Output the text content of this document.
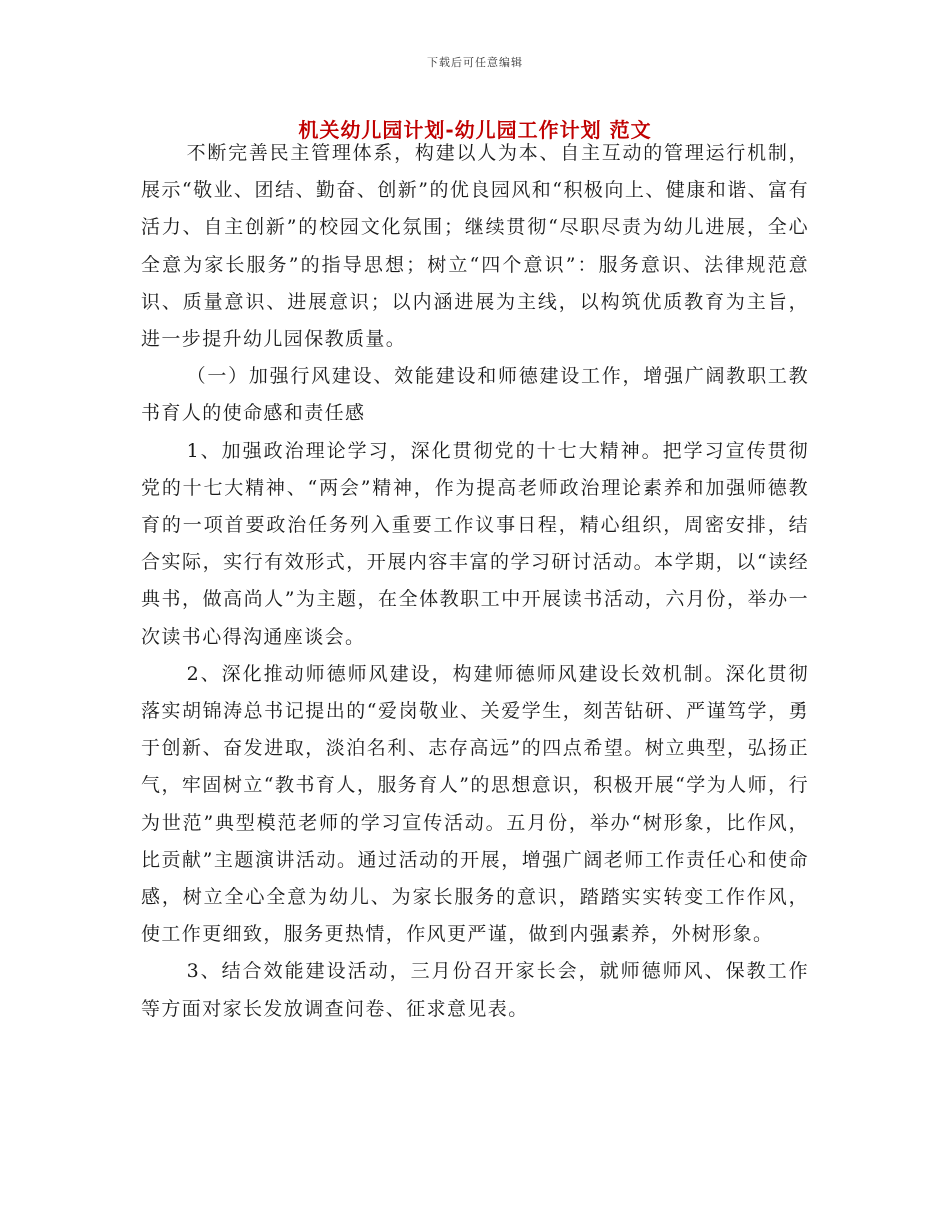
下载后可任意编辑
机关幼儿园计划-幼儿园工作计划 范文

不断完善民主管理体系，构建以人为本、自主互动的管理运行机制，展示“敬业、团结、勤奋、创新”的优良园风和“积极向上、健康和谐、富有活力、自主创新”的校园文化氛围；继续贯彻“尽职尽责为幼儿进展，全心全意为家长服务”的指导思想；树立“四个意识”：服务意识、法律规范意识、质量意识、进展意识；以内涵进展为主线，以构筑优质教育为主旨，进一步提升幼儿园保教质量。

（一）加强行风建设、效能建设和师德建设工作，增强广阔教职工教书育人的使命感和责任感

1、加强政治理论学习，深化贯彻党的十七大精神。把学习宣传贯彻党的十七大精神、“两会”精神，作为提高老师政治理论素养和加强师德教育的一项首要政治任务列入重要工作议事日程，精心组织，周密安排，结合实际，实行有效形式，开展内容丰富的学习研讨活动。本学期，以“读经典书，做高尚人”为主题，在全体教职工中开展读书活动，六月份，举办一次读书心得沟通座谈会。

2、深化推动师德师风建设，构建师德师风建设长效机制。深化贯彻落实胡锦涛总书记提出的“爱岗敬业、关爱学生，刻苦钻研、严谨笃学，勇于创新、奋发进取，淡泊名利、志存高远”的四点希望。树立典型，弘扬正气，牢固树立“教书育人，服务育人”的思想意识，积极开展“学为人师，行为世范”典型模范老师的学习宣传活动。五月份，举办“树形象，比作风，比贡献”主题演讲活动。通过活动的开展，增强广阔老师工作责任心和使命感，树立全心全意为幼儿、为家长服务的意识，踏踏实实转变工作作风，使工作更细致，服务更热情，作风更严谨，做到内强素养，外树形象。

3、结合效能建设活动，三月份召开家长会，就师德师风、保教工作等方面对家长发放调查问卷、征求意见表。
